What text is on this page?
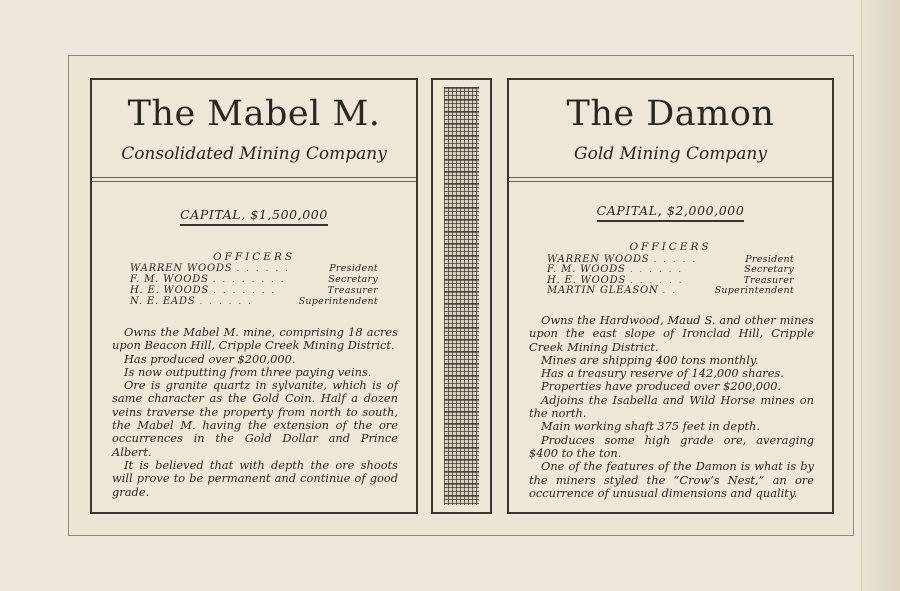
The Mabel M.
Consolidated Mining Company
CAPITAL, $1,500,000
OFFICERS
WARREN WOODS . . . . . .	President
F. M. WOODS . . . . . . . .	Secretary
H. E. WOODS . . . . . . .	Treasurer
N. E. EADS . . . . . .	Superintendent

Owns the Mabel M. mine, comprising 18 acres upon Beacon Hill, Cripple Creek Mining District.

Has produced over $200,000.

Is now outputting from three paying veins.

Ore is granite quartz in sylvanite, which is of same character as the Gold Coin. Half a dozen veins traverse the property from north to south, the Mabel M. having the extension of the ore occurrences in the Gold Dollar and Prince Albert.

It is believed that with depth the ore shoots will prove to be permanent and continue of good grade.

The Damon
Gold Mining Company
CAPITAL, $2,000,000
OFFICERS
WARREN WOODS . . . . .	President
F. M. WOODS . . . . . .	Secretary
H. E. WOODS . . . . . .	Treasurer
MARTIN GLEASON . .	Superintendent

Owns the Hardwood, Maud S. and other mines upon the east slope of Ironclad Hill, Cripple Creek Mining District.

Mines are shipping 400 tons monthly.

Has a treasury reserve of 142,000 shares.

Properties have produced over $200,000.

Adjoins the Isabella and Wild Horse mines on the north.

Main working shaft 375 feet in depth.

Produces some high grade ore, averaging $400 to the ton.

One of the features of the Damon is what is by the miners styled the “Crow’s Nest,” an ore occurrence of unusual dimensions and quality.
